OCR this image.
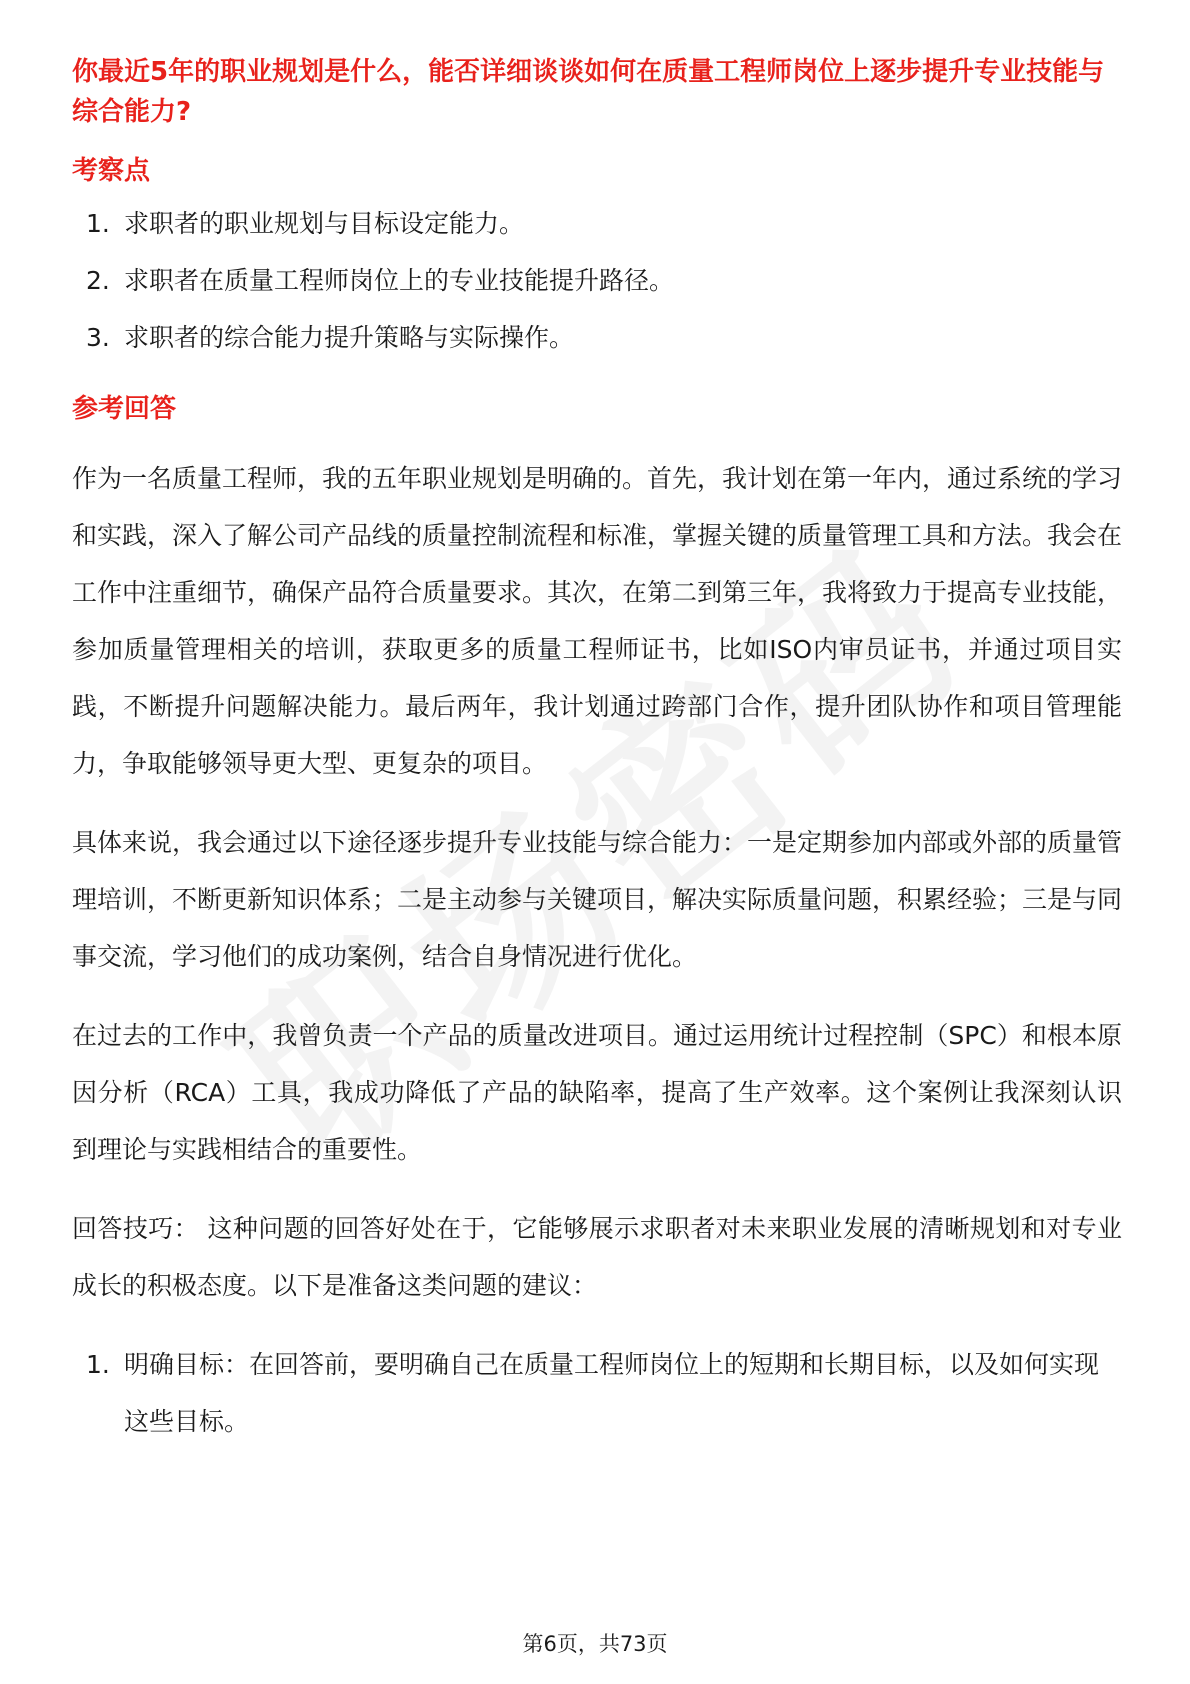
你最近5年的职业规划是什么，能否详细谈谈如何在质量工程师岗位上逐步提升专业技能与综合能力?

考察点

1. 求职者的职业规划与目标设定能力。
2. 求职者在质量工程师岗位上的专业技能提升路径。
3. 求职者的综合能力提升策略与实际操作。

参考回答

作为一名质量工程师，我的五年职业规划是明确的。首先，我计划在第一年内，通过系统的学习和实践，深入了解公司产品线的质量控制流程和标准，掌握关键的质量管理工具和方法。我会在工作中注重细节，确保产品符合质量要求。其次，在第二到第三年，我将致力于提高专业技能，参加质量管理相关的培训，获取更多的质量工程师证书，比如ISO内审员证书，并通过项目实践，不断提升问题解决能力。最后两年，我计划通过跨部门合作，提升团队协作和项目管理能力，争取能够领导更大型、更复杂的项目。

具体来说，我会通过以下途径逐步提升专业技能与综合能力：一是定期参加内部或外部的质量管理培训，不断更新知识体系；二是主动参与关键项目，解决实际质量问题，积累经验；三是与同事交流，学习他们的成功案例，结合自身情况进行优化。

在过去的工作中，我曾负责一个产品的质量改进项目。通过运用统计过程控制（SPC）和根本原因分析（RCA）工具，我成功降低了产品的缺陷率，提高了生产效率。这个案例让我深刻认识到理论与实践相结合的重要性。

回答技巧： 这种问题的回答好处在于，它能够展示求职者对未来职业发展的清晰规划和对专业成长的积极态度。以下是准备这类问题的建议：

1. 明确目标：在回答前，要明确自己在质量工程师岗位上的短期和长期目标，以及如何实现这些目标。
第6页，共73页
